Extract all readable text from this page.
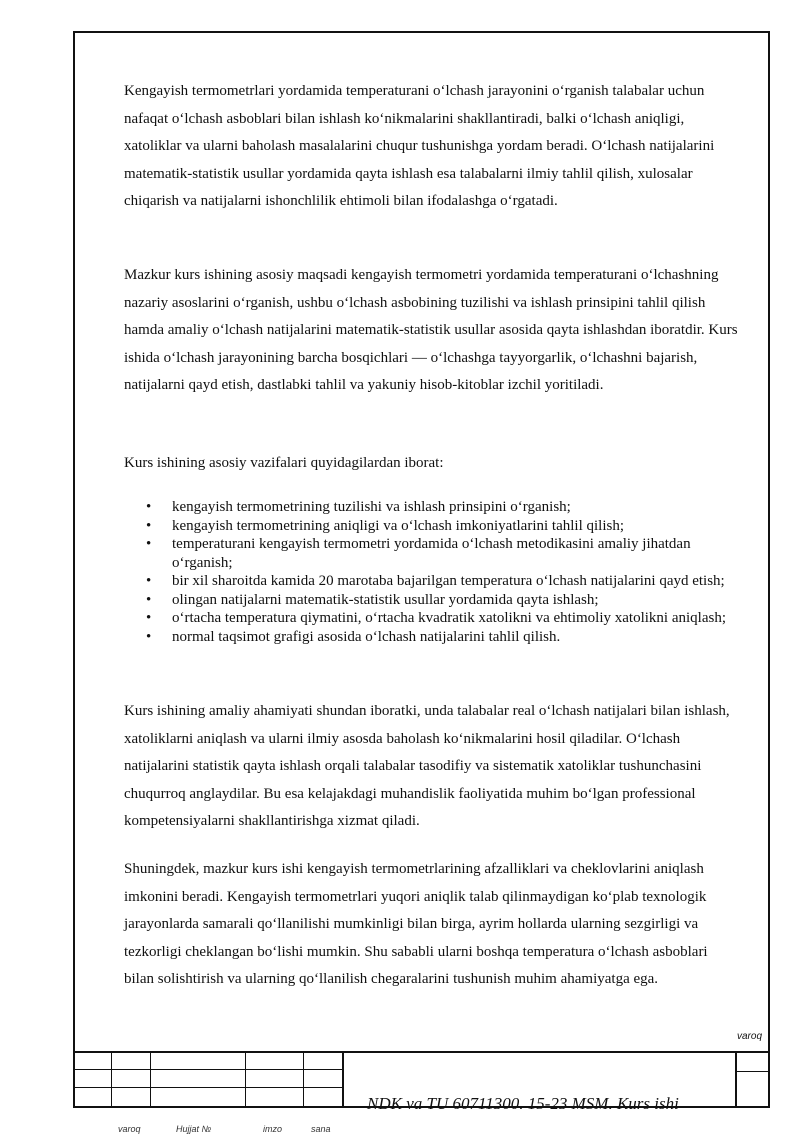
Kengayish termometrlari yordamida temperaturani oʻlchash jarayonini oʻrganish talabalar uchun nafaqat oʻlchash asboblari bilan ishlash koʻnikmalarini shakllantiradi, balki oʻlchash aniqligi, xatoliklar va ularni baholash masalalarini chuqur tushunishga yordam beradi. Oʻlchash natijalarini matematik-statistik usullar yordamida qayta ishlash esa talabalarni ilmiy tahlil qilish, xulosalar chiqarish va natijalarni ishonchlilik ehtimoli bilan ifodalashga oʻrgatadi.

Mazkur kurs ishining asosiy maqsadi kengayish termometri yordamida temperaturani oʻlchashning nazariy asoslarini oʻrganish, ushbu oʻlchash asbobining tuzilishi va ishlash prinsipini tahlil qilish hamda amaliy oʻlchash natijalarini matematik-statistik usullar asosida qayta ishlashdan iboratdir. Kurs ishida oʻlchash jarayonining barcha bosqichlari — oʻlchashga tayyorgarlik, oʻlchashni bajarish, natijalarni qayd etish, dastlabki tahlil va yakuniy hisob-kitoblar izchil yoritiladi.

Kurs ishining asosiy vazifalari quyidagilardan iborat:

• kengayish termometrining tuzilishi va ishlash prinsipini oʻrganish;
• kengayish termometrining aniqligi va oʻlchash imkoniyatlarini tahlil qilish;
• temperaturani kengayish termometri yordamida oʻlchash metodikasini amaliy jihatdan oʻrganish;
• bir xil sharoitda kamida 20 marotaba bajarilgan temperatura oʻlchash natijalarini qayd etish;
• olingan natijalarni matematik-statistik usullar yordamida qayta ishlash;
• oʻrtacha temperatura qiymatini, oʻrtacha kvadratik xatolikni va ehtimoliy xatolikni aniqlash;
• normal taqsimot grafigi asosida oʻlchash natijalarini tahlil qilish.

Kurs ishining amaliy ahamiyati shundan iboratki, unda talabalar real oʻlchash natijalari bilan ishlash, xatoliklarni aniqlash va ularni ilmiy asosda baholash koʻnikmalarini hosil qiladilar. Oʻlchash natijalarini statistik qayta ishlash orqali talabalar tasodifiy va sistematik xatoliklar tushunchasini chuqurroq anglaydilar. Bu esa kelajakdagi muhandislik faoliyatida muhim boʻlgan professional kompetensiyalarni shakllantirishga xizmat qiladi.

Shuningdek, mazkur kurs ishi kengayish termometrlarining afzalliklari va cheklovlarini aniqlash imkonini beradi. Kengayish termometrlari yuqori aniqlik talab qilinmaydigan koʻplab texnologik jarayonlarda samarali qoʻllanilishi mumkinligi bilan birga, ayrim hollarda ularning sezgirligi va tezkorligi cheklangan boʻlishi mumkin. Shu sababli ularni boshqa temperatura oʻlchash asboblari bilan solishtirish va ularning qoʻllanilish chegaralarini tushunish muhim ahamiyatga ega.

varoq
NDK va TU 60711300. 15-23 MSM. Kurs ishi
varoq	Hujjat №	imzo	sana
